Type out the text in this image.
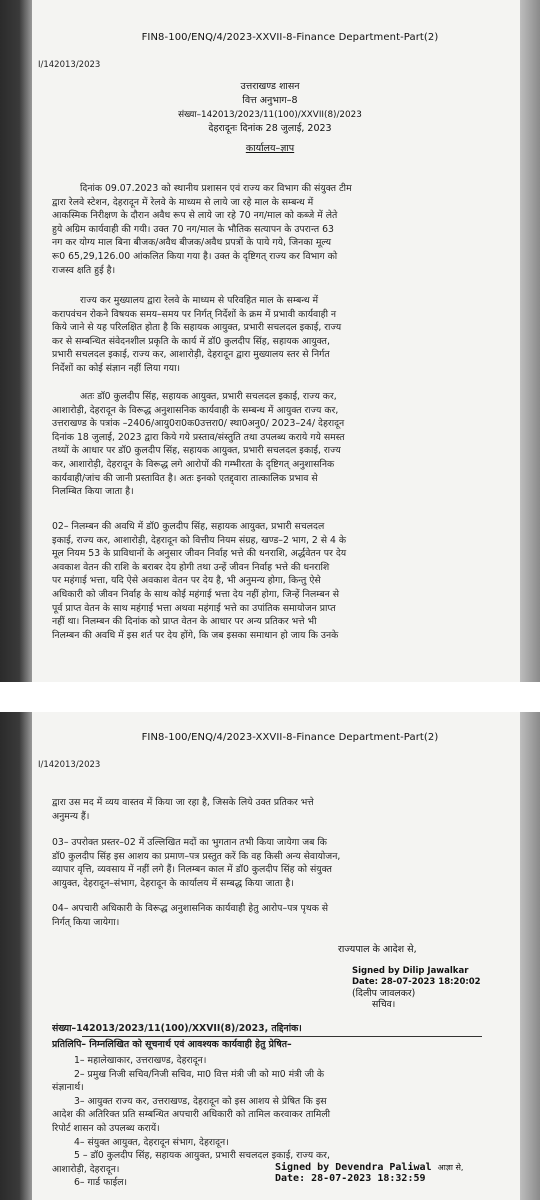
FIN8-100/ENQ/4/2023-XXVII-8-Finance Department-Part(2)
I/142013/2023
उत्तराखण्ड शासन
वित्त अनुभाग–8
संख्या–142013/2023/11(100)/XXVII(8)/2023
देहरादूनः दिनांक 28 जुलाई, 2023
कार्यालय–ज्ञाप
दिनांक 09.07.2023 को स्थानीय प्रशासन एवं राज्य कर विभाग की संयुक्त टीम
द्वारा रेलवे स्टेशन, देहरादून में रेलवे के माध्यम से लाये जा रहे माल के सम्बन्ध में
आकस्मिक निरीक्षण के दौरान अवैध रूप से लाये जा रहे 70 नग/माल को कब्जे में लेते
हुये अग्रिम कार्यवाही की गयी। उक्त 70 नग/माल के भौतिक सत्यापन के उपरान्त 63
नग कर योग्य माल बिना बीजक/अवैध बीजक/अवैध प्रपत्रों के पाये गये, जिनका मूल्य
रू0 65,29,126.00 आंकलित किया गया है। उक्त के दृष्टिगत् राज्य कर विभाग को
राजस्व क्षति हुई है।
राज्य कर मुख्यालय द्वारा रेलवे के माध्यम से परिवहित माल के सम्बन्ध में
करापवंचन रोकने विषयक समय–समय पर निर्गत् निर्देशों के क्रम में प्रभावी कार्यवाही न
किये जाने से यह परिलक्षित होता है कि सहायक आयुक्त, प्रभारी सचलदल इकाई, राज्य
कर से सम्बन्धित संवेदनशील प्रकृति के कार्य में डॉ0 कुलदीप सिंह, सहायक आयुक्त,
प्रभारी सचलदल इकाई, राज्य कर, आशारोड़ी, देहरादून द्वारा मुख्यालय स्तर से निर्गत
निर्देशों का कोई संज्ञान नहीं लिया गया।
अतः डॉ0 कुलदीप सिंह, सहायक आयुक्त, प्रभारी सचलदल इकाई, राज्य कर,
आशारोड़ी, देहरादून के विरूद्ध अनुशासनिक कार्यवाही के सम्बन्ध में आयुक्त राज्य कर,
उत्तराखण्ड के पत्रांक –2406/आयु0रा0क0उत्तरा0/ स्था0अनु0/ 2023–24/ देहरादून
दिनांक 18 जुलाई, 2023 द्वारा किये गये प्रस्ताव/संस्तुति तथा उपलब्ध कराये गये समस्त
तथ्यों के आधार पर डॉ0 कुलदीप सिंह, सहायक आयुक्त, प्रभारी सचलदल इकाई, राज्य
कर, आशारोड़ी, देहरादून के विरूद्ध लगे आरोपों की गम्भीरता के दृष्टिगत् अनुशासनिक
कार्यवाही/जांच की जानी प्रस्तावित है। अतः इनको एतद्द्वारा तात्कालिक प्रभाव से
निलम्बित किया जाता है।
02– निलम्बन की अवधि में डॉ0 कुलदीप सिंह, सहायक आयुक्त, प्रभारी सचलदल
इकाई, राज्य कर, आशारोड़ी, देहरादून को वित्तीय नियम संग्रह, खण्ड–2 भाग, 2 से 4 के
मूल नियम 53 के प्राविधानों के अनुसार जीवन निर्वाह भत्ते की धनराशि, अर्द्धवेतन पर देय
अवकाश वेतन की राशि के बराबर देय होगी तथा उन्हें जीवन निर्वाह भत्ते की धनराशि
पर महंगाई भत्ता, यदि ऐसे अवकाश वेतन पर देय है, भी अनुमन्य होगा, किन्तु ऐसे
अधिकारी को जीवन निर्वाह के साथ कोई महंगाई भत्ता देय नहीं होगा, जिन्हें निलम्बन से
पूर्व प्राप्त वेतन के साथ महंगाई भत्ता अथवा महंगाई भत्ते का उपांतिक समायोजन प्राप्त
नहीं था। निलम्बन की दिनांक को प्राप्त वेतन के आधार पर अन्य प्रतिकर भत्ते भी
निलम्बन की अवधि में इस शर्त पर देय होंगे, कि जब इसका समाधान हो जाय कि उनके
FIN8-100/ENQ/4/2023-XXVII-8-Finance Department-Part(2)
I/142013/2023
द्वारा उस मद में व्यय वास्तव में किया जा रहा है, जिसके लिये उक्त प्रतिकर भत्ते
अनुमन्य हैं।
03– उपरोक्त प्रस्तर–02 में उल्लिखित मदों का भुगतान तभी किया जायेगा जब कि
डॉ0 कुलदीप सिंह इस आशय का प्रमाण–पत्र प्रस्तुत करें कि वह किसी अन्य सेवायोजन,
व्यापार वृत्ति, व्यवसाय में नहीं लगे हैं। निलम्बन काल में डॉ0 कुलदीप सिंह को संयुक्त
आयुक्त, देहरादून–संभाग, देहरादून के कार्यालय में सम्बद्ध किया जाता है।
04– अपचारी अधिकारी के विरूद्ध अनुशासनिक कार्यवाही हेतु आरोप–पत्र पृथक से
निर्गत् किया जायेगा।
राज्यपाल के आदेश से,
Signed by Dilip Jawalkar
Date: 28-07-2023 18:20:02
(दिलीप जावलकर)
सचिव।
संख्या–142013/2023/11(100)/XXVII(8)/2023, तद्दिनांक।
प्रतिलिपि– निम्नलिखित को सूचनार्थ एवं आवश्यक कार्यवाही हेतु प्रेषित–
1– महालेखाकार, उत्तराखण्ड, देहरादून।
2– प्रमुख निजी सचिव/निजी सचिव, मा0 वित्त मंत्री जी को मा0 मंत्री जी के
संज्ञानार्थ।
3– आयुक्त राज्य कर, उत्तराखण्ड, देहरादून को इस आशय से प्रेषित कि इस
आदेश की अतिरिक्त प्रति सम्बन्धित अपचारी अधिकारी को तामिल करवाकर तामिली
रिपोर्ट शासन को उपलब्ध करायें।
4– संयुक्त आयुक्त, देहरादून संभाग, देहरादून।
5 – डॉ0 कुलदीप सिंह, सहायक आयुक्त, प्रभारी सचलदल इकाई, राज्य कर,
आशारोड़ी, देहरादून।
6– गार्ड फाईल।
Signed by Devendra Paliwal आज्ञा से,
Date: 28-07-2023 18:32:59
